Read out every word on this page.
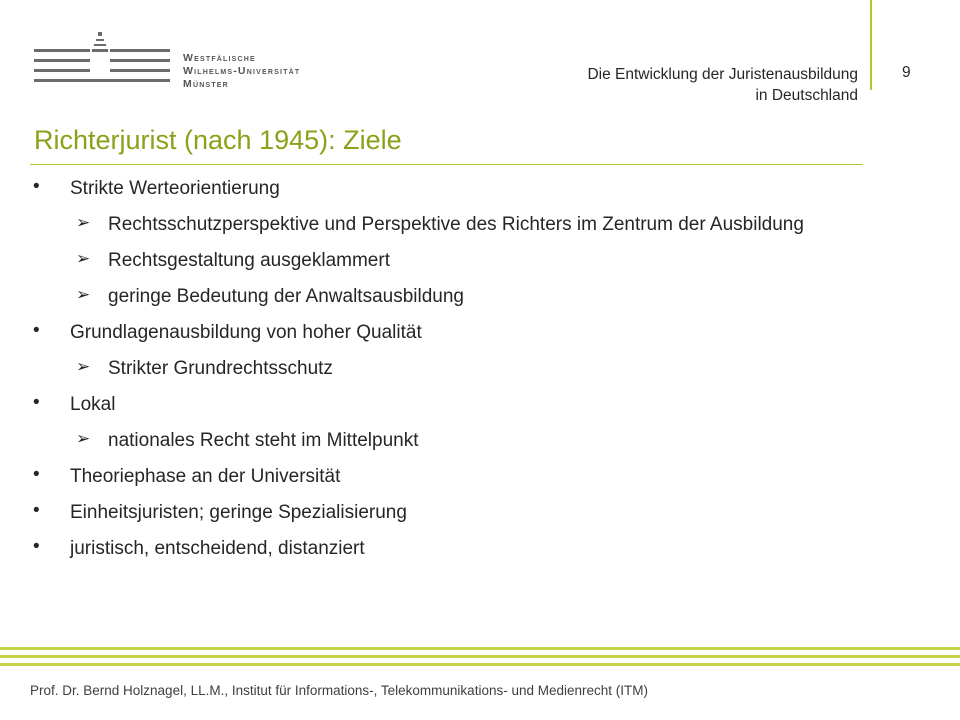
Westfälische
Wilhelms-Universität
Münster
Die Entwicklung der Juristenausbildung
in Deutschland
9
Richterjurist (nach 1945): Ziele
• Strikte Werteorientierung
➢ Rechtsschutzperspektive und Perspektive des Richters im Zentrum der Ausbildung
➢ Rechtsgestaltung ausgeklammert
➢ geringe Bedeutung der Anwaltsausbildung
• Grundlagenausbildung von hoher Qualität
➢ Strikter Grundrechtsschutz
• Lokal
➢ nationales Recht steht im Mittelpunkt
• Theoriephase an der Universität
• Einheitsjuristen; geringe Spezialisierung
• juristisch, entscheidend, distanziert
Prof. Dr. Bernd Holznagel, LL.M., Institut für Informations-, Telekommunikations- und Medienrecht (ITM)
